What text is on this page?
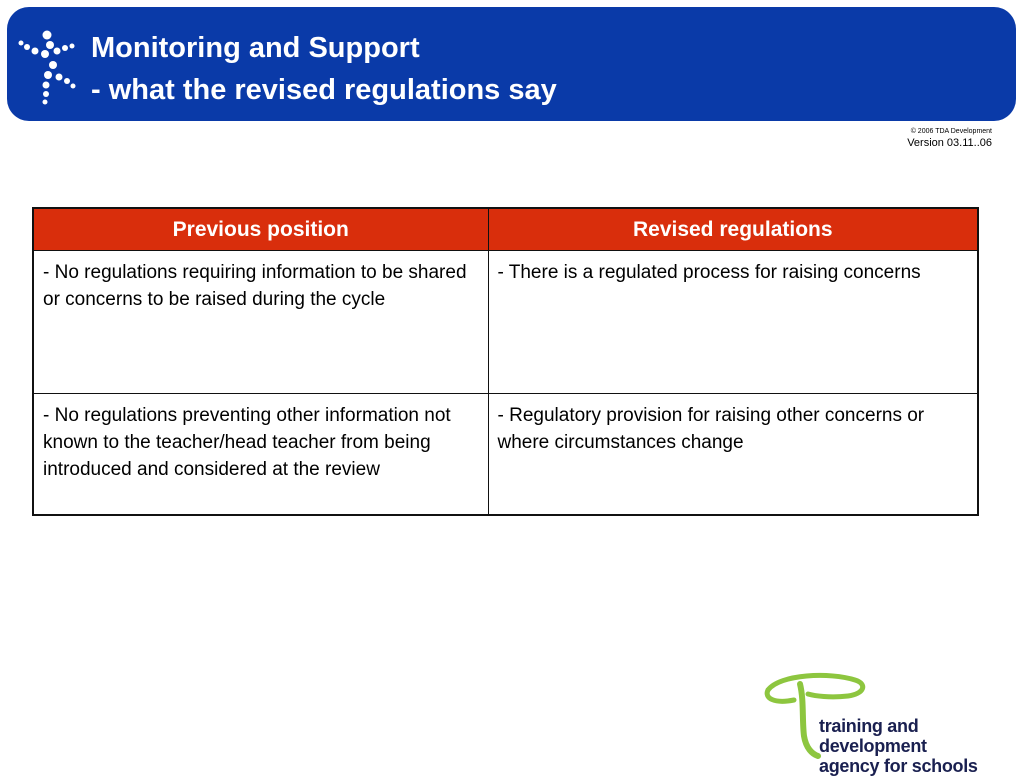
Monitoring and Support
- what the revised regulations say
© 2006 TDA Development
Version 03.11..06
Previous position	Revised regulations
- No regulations requiring information to be shared or concerns to be raised during the cycle	- There is a regulated process for raising concerns
- No regulations preventing other information not known to the teacher/head teacher from being introduced and considered at the review	- Regulatory provision for raising other concerns or where circumstances change
training and development
agency for schools
